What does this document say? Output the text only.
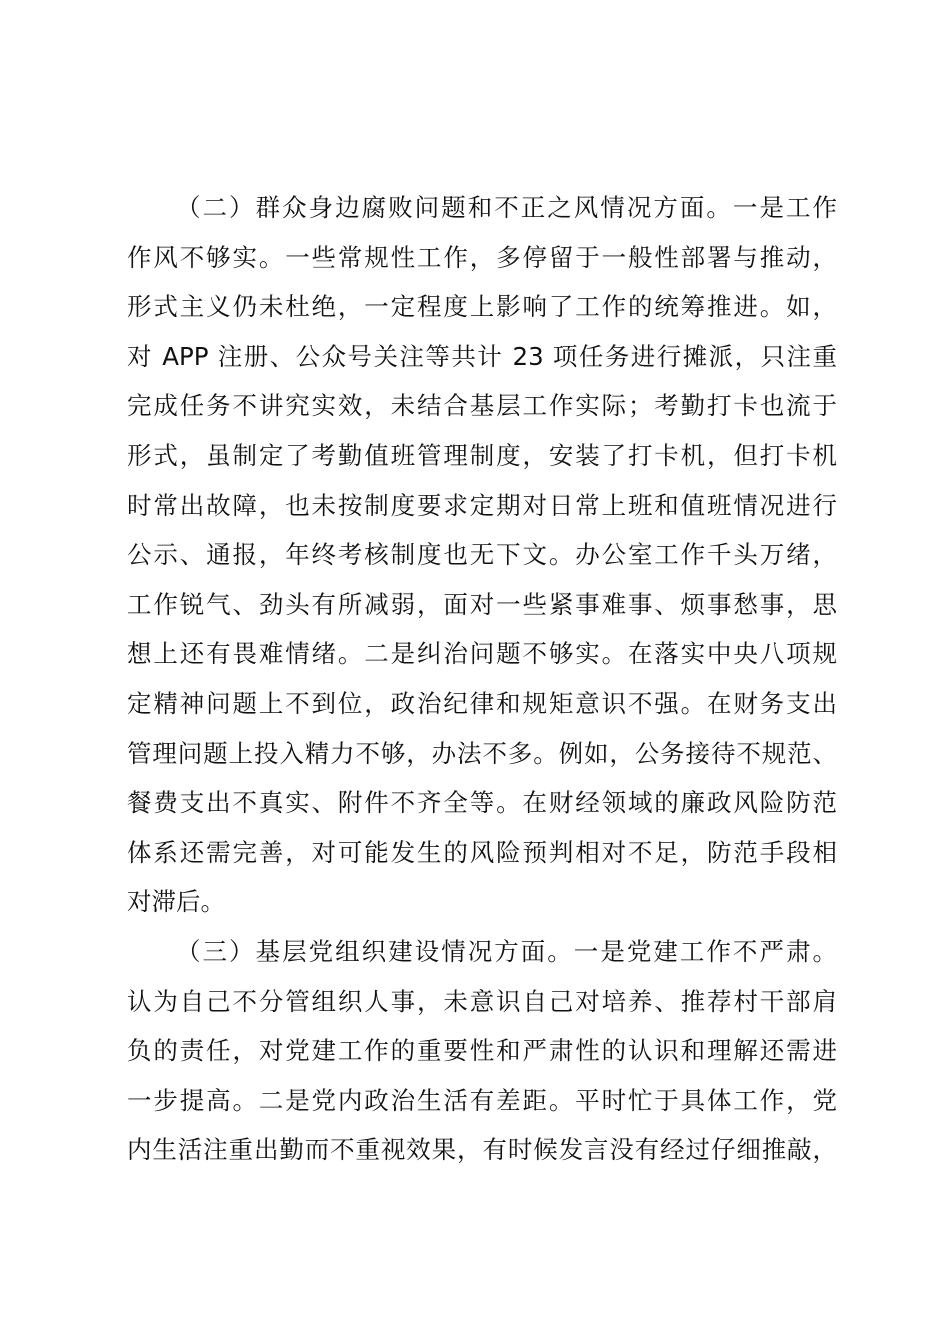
（二）群众身边腐败问题和不正之风情况方面。一是工作
作风不够实。一些常规性工作，多停留于一般性部署与推动，
形式主义仍未杜绝，一定程度上影响了工作的统筹推进。如，
对 APP 注册、公众号关注等共计 23 项任务进行摊派，只注重
完成任务不讲究实效，未结合基层工作实际；考勤打卡也流于
形式，虽制定了考勤值班管理制度，安装了打卡机，但打卡机
时常出故障，也未按制度要求定期对日常上班和值班情况进行
公示、通报，年终考核制度也无下文。办公室工作千头万绪，
工作锐气、劲头有所减弱，面对一些紧事难事、烦事愁事，思
想上还有畏难情绪。二是纠治问题不够实。在落实中央八项规
定精神问题上不到位，政治纪律和规矩意识不强。在财务支出
管理问题上投入精力不够，办法不多。例如，公务接待不规范、
餐费支出不真实、附件不齐全等。在财经领域的廉政风险防范
体系还需完善，对可能发生的风险预判相对不足，防范手段相
对滞后。
（三）基层党组织建设情况方面。一是党建工作不严肃。
认为自己不分管组织人事，未意识自己对培养、推荐村干部肩
负的责任，对党建工作的重要性和严肃性的认识和理解还需进
一步提高。二是党内政治生活有差距。平时忙于具体工作，党
内生活注重出勤而不重视效果，有时候发言没有经过仔细推敲，
